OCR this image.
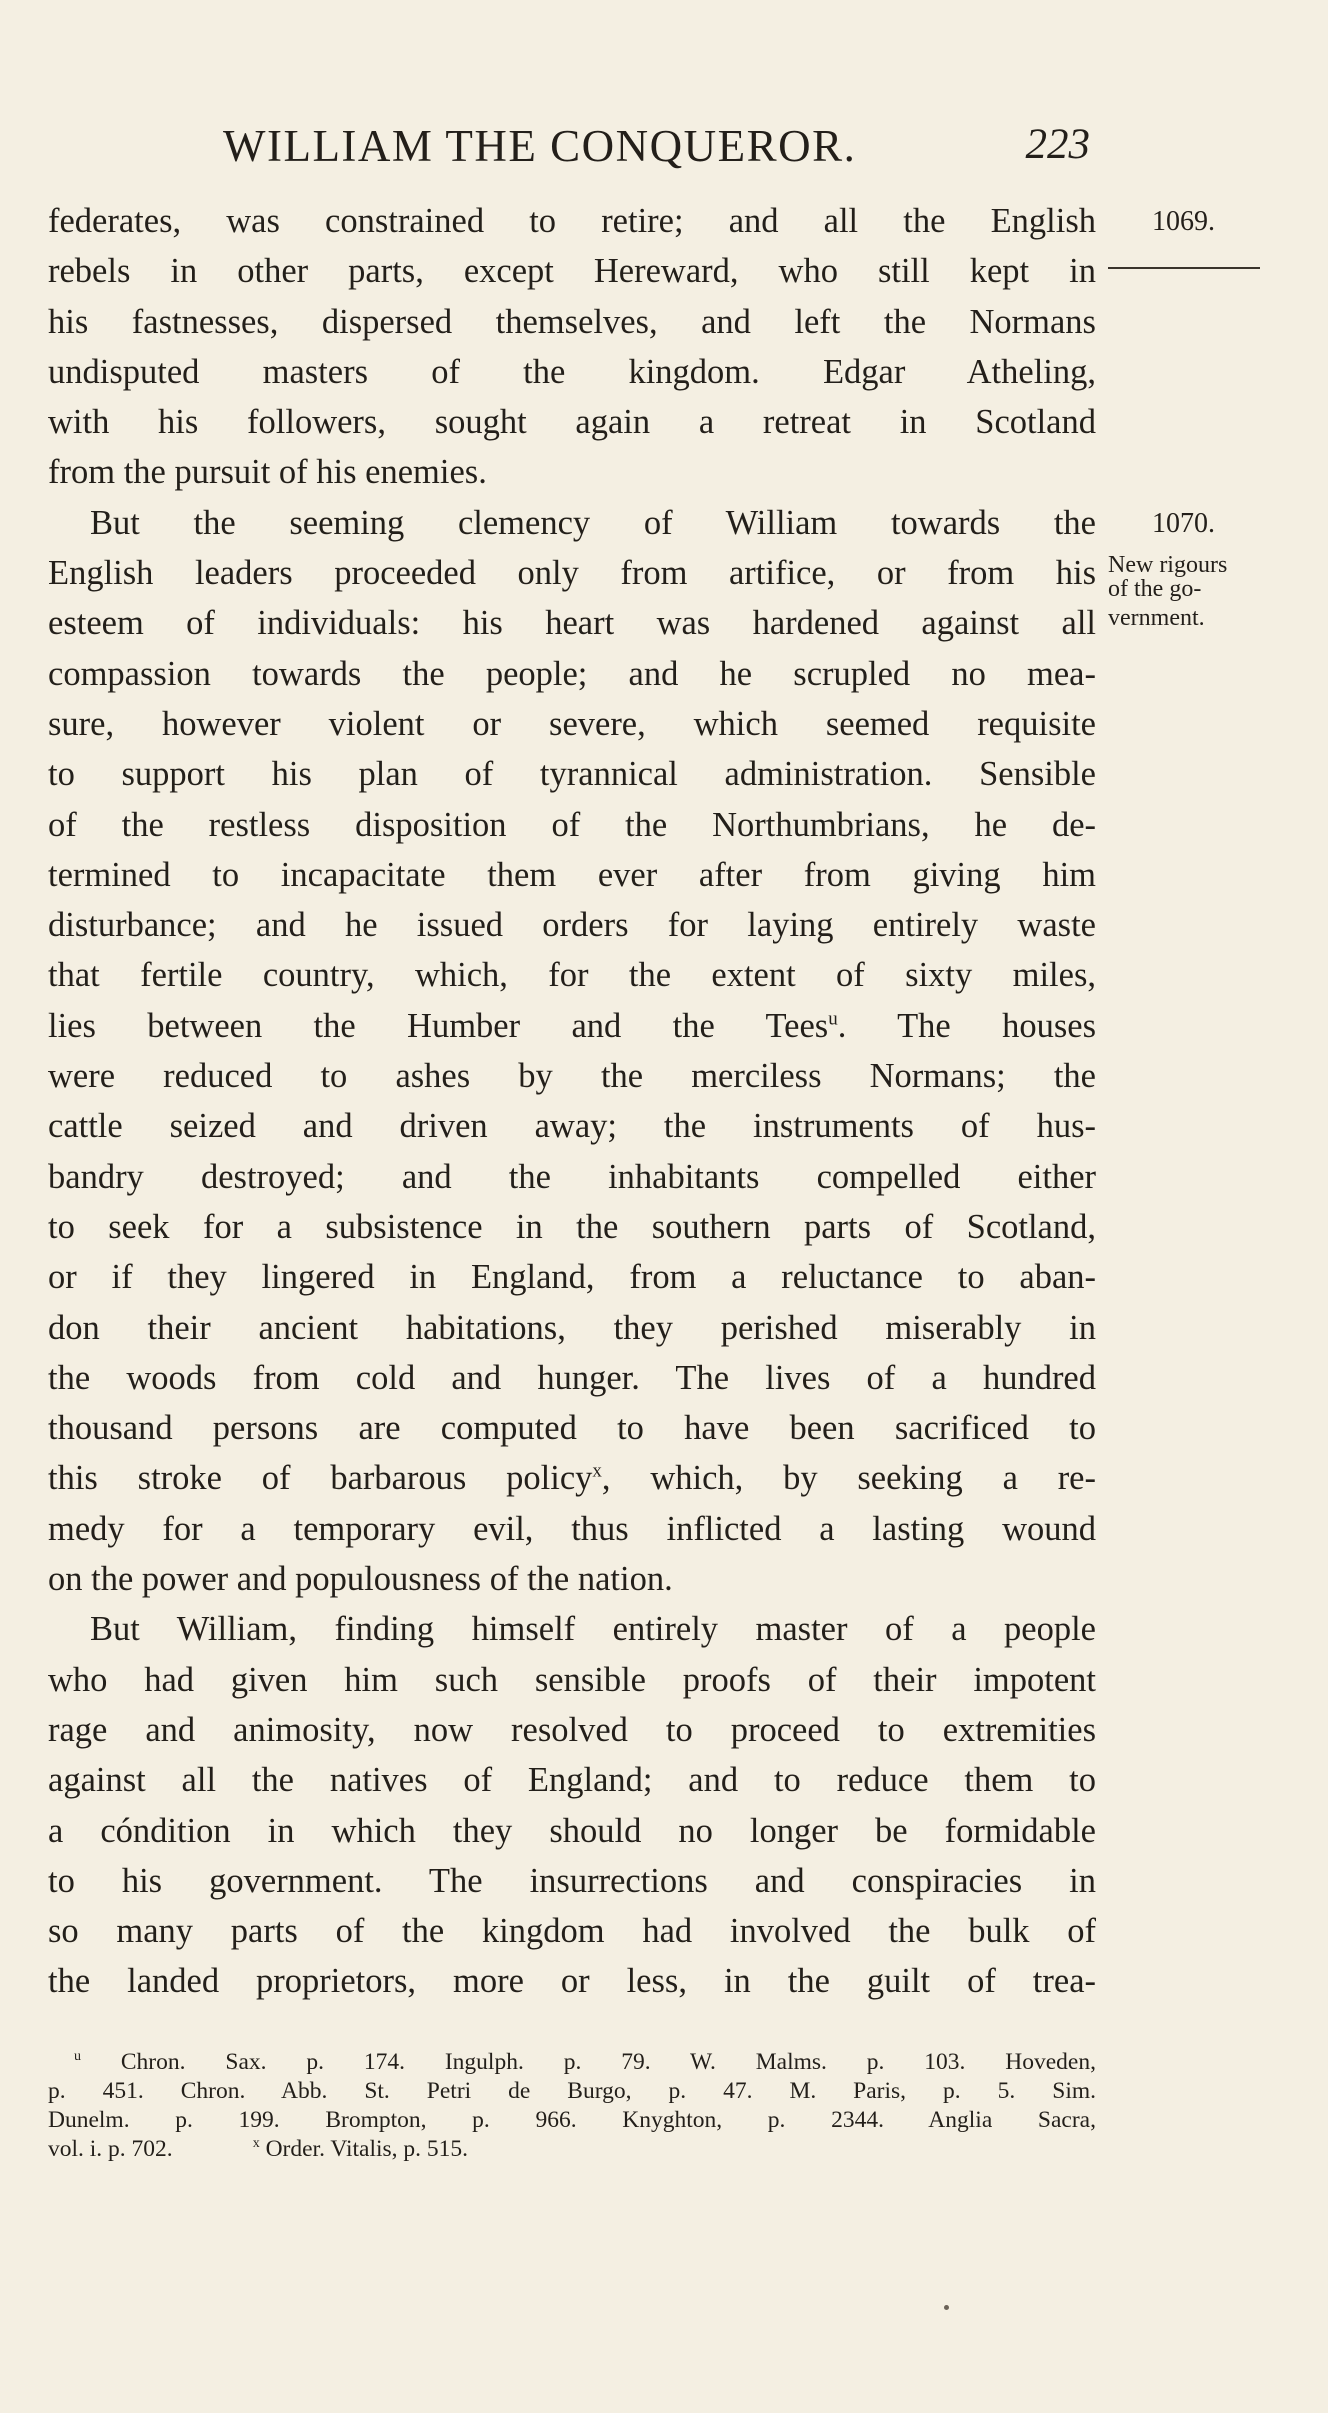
WILLIAM THE CONQUEROR.	223
federates, was constrained to retire; and all the English
rebels in other parts, except Hereward, who still kept in
his fastnesses, dispersed themselves, and left the Normans
undisputed masters of the kingdom. Edgar Atheling,
with his followers, sought again a retreat in Scotland
from the pursuit of his enemies.
But the seeming clemency of William towards the
English leaders proceeded only from artifice, or from his
esteem of individuals: his heart was hardened against all
compassion towards the people; and he scrupled no mea-
sure, however violent or severe, which seemed requisite
to support his plan of tyrannical administration. Sensible
of the restless disposition of the Northumbrians, he de-
termined to incapacitate them ever after from giving him
disturbance; and he issued orders for laying entirely waste
that fertile country, which, for the extent of sixty miles,
lies between the Humber and the Tees$^u$. The houses
were reduced to ashes by the merciless Normans; the
cattle seized and driven away; the instruments of hus-
bandry destroyed; and the inhabitants compelled either
to seek for a subsistence in the southern parts of Scotland,
or if they lingered in England, from a reluctance to aban-
don their ancient habitations, they perished miserably in
the woods from cold and hunger. The lives of a hundred
thousand persons are computed to have been sacrificed to
this stroke of barbarous policy$^x$, which, by seeking a re-
medy for a temporary evil, thus inflicted a lasting wound
on the power and populousness of the nation.
But William, finding himself entirely master of a people
who had given him such sensible proofs of their impotent
rage and animosity, now resolved to proceed to extremities
against all the natives of England; and to reduce them to
a cóndition in which they should no longer be formidable
to his government. The insurrections and conspiracies in
so many parts of the kingdom had involved the bulk of
the landed proprietors, more or less, in the guilt of trea-
1069.
1070.
New rigours
of the go-
vernment.
$^u$ Chron. Sax. p. 174. Ingulph. p. 79. W. Malms. p. 103. Hoveden,
p. 451. Chron. Abb. St. Petri de Burgo, p. 47. M. Paris, p. 5. Sim.
Dunelm. p. 199. Brompton, p. 966. Knyghton, p. 2344. Anglia Sacra,
vol. i. p. 702.	$^x$ Order. Vitalis, p. 515.
